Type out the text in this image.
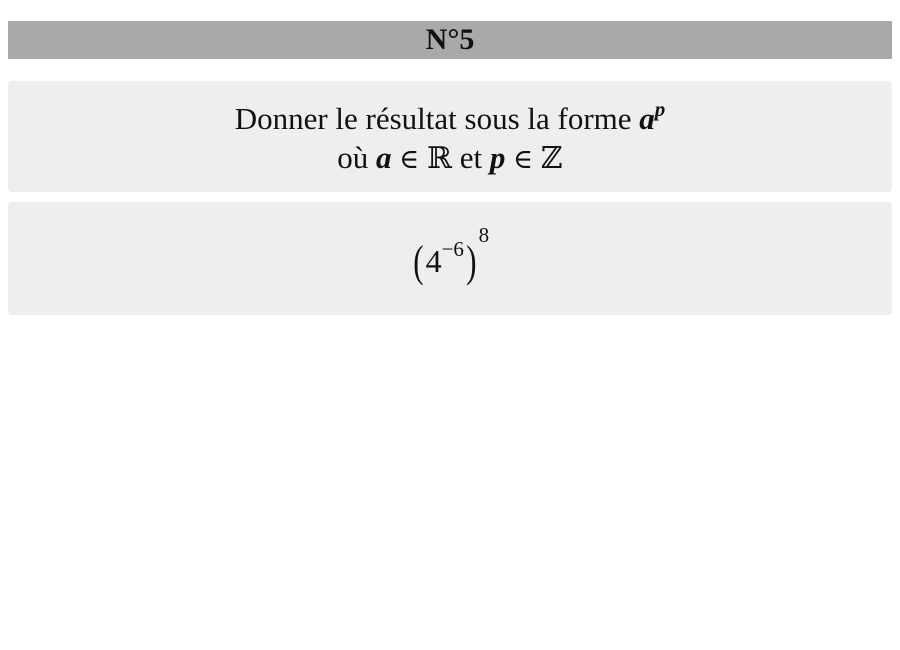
N°5
Donner le résultat sous la forme $a^p$
où a ∈ ℝ et p ∈ ℤ
$(4^{-6})^8$
